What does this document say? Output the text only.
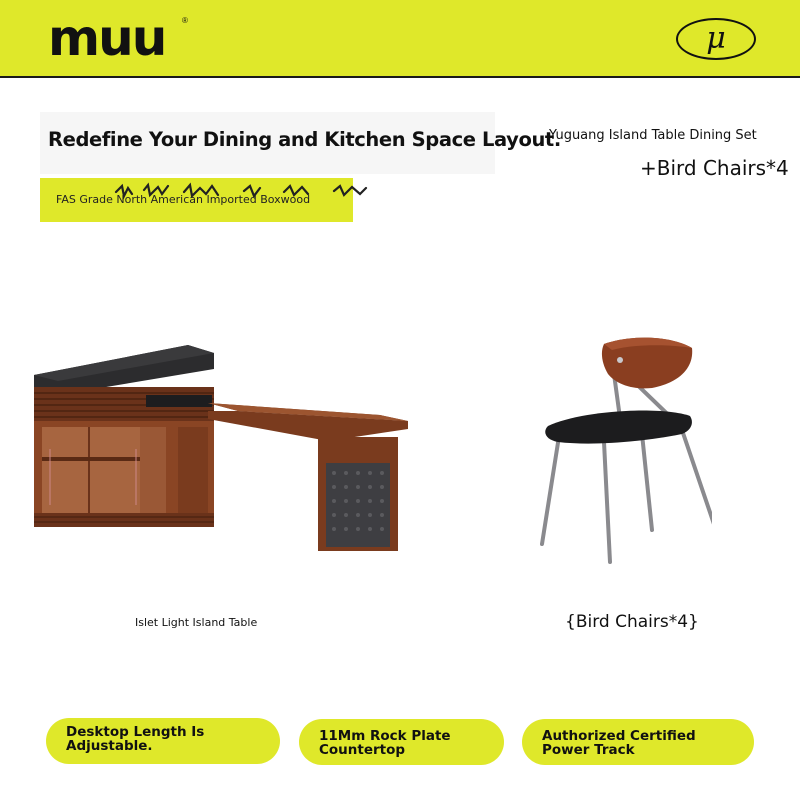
muu ®
μ
Redefine Your Dining and Kitchen Space Layout.
Yuguang Island Table Dining Set
+Bird Chairs*4
FAS Grade North American Imported Boxwood
Islet Light Island Table	{Bird Chairs*4}
Desktop Length Is Adjustable.
11Mm Rock Plate Countertop
Authorized Certified Power Track
